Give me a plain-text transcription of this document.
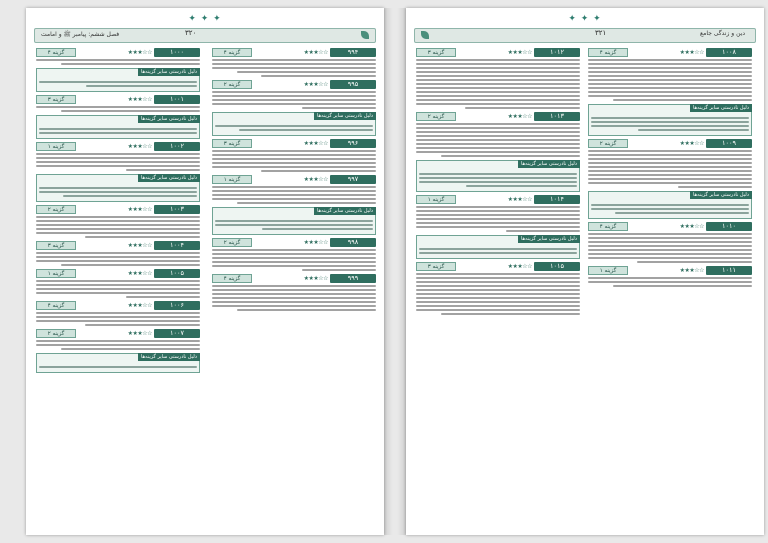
✦ ✦ ✦
فصل ششم: پیامبر ﷺ و امامت	۳۲۰
۹۹۴
★★★☆☆
گزینه ۴
۹۹۵
★★★☆☆
گزینه ۲
دلیل نادرستی سایر گزینه‌ها
۹۹۶
★★★☆☆
گزینه ۳
۹۹۷
★★★☆☆
گزینه ۱
دلیل نادرستی سایر گزینه‌ها
۹۹۸
★★★☆☆
گزینه ۲
۹۹۹
★★★☆☆
گزینه ۴
۱۰۰۰
★★★☆☆
گزینه ۴
دلیل نادرستی سایر گزینه‌ها
۱۰۰۱
★★★☆☆
گزینه ۳
دلیل نادرستی سایر گزینه‌ها
۱۰۰۲
★★★☆☆
گزینه ۱
دلیل نادرستی سایر گزینه‌ها
۱۰۰۳
★★★☆☆
گزینه ۲
۱۰۰۴
★★★☆☆
گزینه ۳
۱۰۰۵
★★★☆☆
گزینه ۱
۱۰۰۶
★★★☆☆
گزینه ۴
۱۰۰۷
★★★☆☆
گزینه ۲
دلیل نادرستی سایر گزینه‌ها
✦ ✦ ✦
۳۲۱	دین و زندگی جامع
۱۰۰۸
★★★☆☆
گزینه ۴
دلیل نادرستی سایر گزینه‌ها
۱۰۰۹
★★★☆☆
گزینه ۲
دلیل نادرستی سایر گزینه‌ها
۱۰۱۰
★★★☆☆
گزینه ۴
۱۰۱۱
★★★☆☆
گزینه ۱
۱۰۱۲
★★★☆☆
گزینه ۳
۱۰۱۳
★★★☆☆
گزینه ۲
دلیل نادرستی سایر گزینه‌ها
۱۰۱۴
★★★☆☆
گزینه ۱
دلیل نادرستی سایر گزینه‌ها
۱۰۱۵
★★★☆☆
گزینه ۳
